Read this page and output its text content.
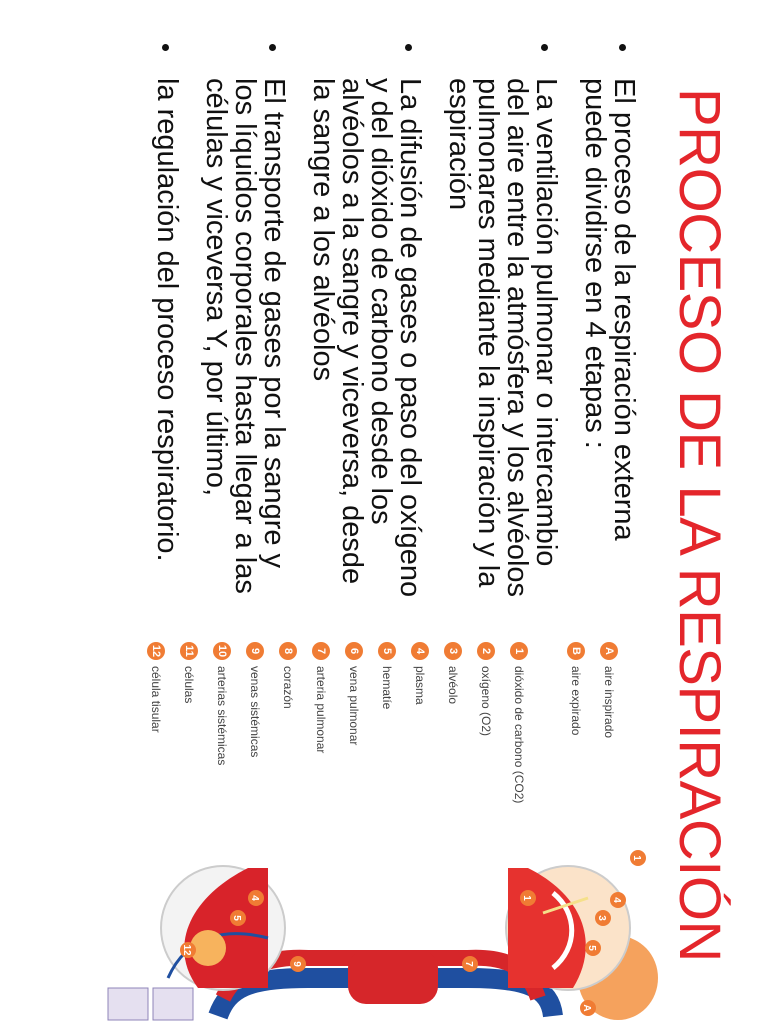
PROCESO DE LA RESPIRACIÓN
El proceso de la respiración externa puede dividirse en 4 etapas :
La ventilación pulmonar o intercambio del aire entre la atmósfera y los alvéolos pulmonares mediante la inspiración y la espiración
La difusión de gases o paso del oxígeno y del dióxido de carbono desde los alvéolos a la sangre y viceversa, desde la sangre a los alvéolos
El transporte de gases por la sangre y los líquidos corporales hasta llegar a las células y viceversa Y, por último,
la regulación del proceso respiratorio.
A
aire inspirado
B
aire expirado
1
dióxido de carbono (CO2)
2
oxígeno (O2)
3
alvéolo
4
plasma
5
hematíe
6
vena pulmonar
7
arteria pulmonar
8
corazón
9
venas sistémicas
10
arterias sistémicas
11
células
12
célula tisular
A
1
3
4
5
7
9
12
4
5
1
